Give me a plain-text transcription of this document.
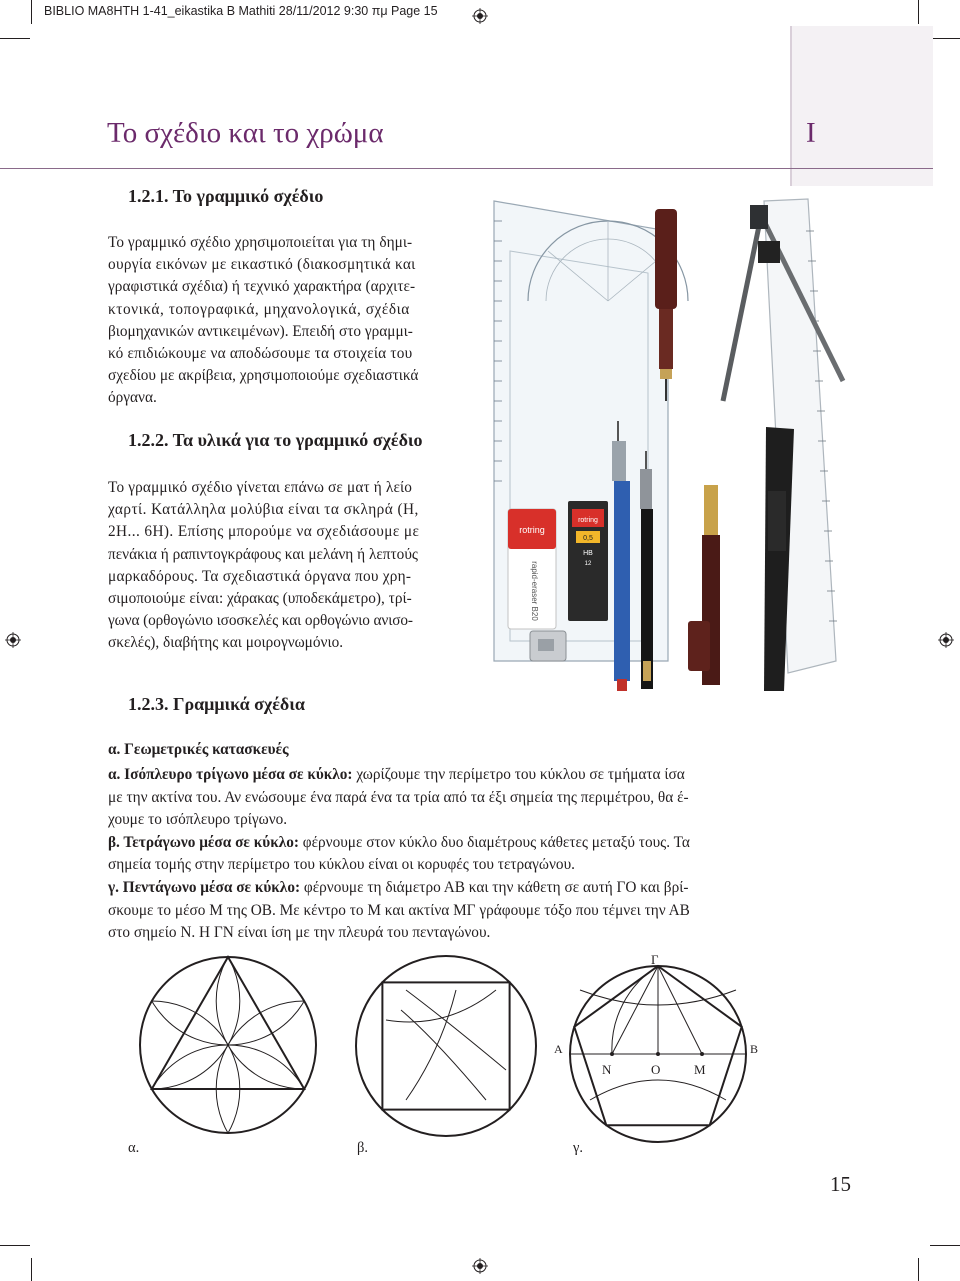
BIBLIO MA8HTH 1-41_eikastika B Mathiti 28/11/2012 9:30 πμ Page 15
Το σχέδιο και το χρώμα	Ι
1.2.1. Το γραμμικό σχέδιο
Το γραμμικό σχέδιο χρησιμοποιείται για τη δημι-
ουργία εικόνων με εικαστικό (διακοσμητικά και
γραφιστικά σχέδια) ή τεχνικό χαρακτήρα (αρχιτε-
κτονικά, τοπογραφικά, μηχανολογικά, σχέδια
βιομηχανικών αντικειμένων). Επειδή στο γραμμι-
κό επιδιώκουμε να αποδώσουμε τα στοιχεία του
σχεδίου με ακρίβεια, χρησιμοποιούμε σχεδιαστικά
όργανα.
1.2.2. Τα υλικά για το γραμμικό σχέδιο
Το γραμμικό σχέδιο γίνεται επάνω σε ματ ή λείο
χαρτί. Κατάλληλα μολύβια είναι τα σκληρά (Η,
2Η... 6Η). Επίσης μπορούμε να σχεδιάσουμε με
πενάκια ή ραπιντογκράφους και μελάνη ή λεπτούς
μαρκαδόρους. Τα σχεδιαστικά όργανα που χρη-
σιμοποιούμε είναι: χάρακας (υποδεκάμετρο), τρί-
γωνα (ορθογώνιο ισοσκελές και ορθογώνιο ανισο-
σκελές), διαβήτης και μοιρογνωμόνιο.
rotring
rapid-eraser B20
rotring
0,5
HB
12
1.2.3. Γραμμικά σχέδια
α. Γεωμετρικές κατασκευές
α. Ισόπλευρο τρίγωνο μέσα σε κύκλο: χωρίζουμε την περίμετρο του κύκλου σε τμήματα ίσα
με την ακτίνα του. Αν ενώσουμε ένα παρά ένα τα τρία από τα έξι σημεία της περιμέτρου, θα έ-
χουμε το ισόπλευρο τρίγωνο.
β. Τετράγωνο μέσα σε κύκλο: φέρνουμε στον κύκλο δυο διαμέτρους κάθετες μεταξύ τους. Τα
σημεία τομής στην περίμετρο του κύκλου είναι οι κορυφές του τετραγώνου.
γ. Πεντάγωνο μέσα σε κύκλο: φέρνουμε τη διάμετρο ΑΒ και την κάθετη σε αυτή ΓΟ και βρί-
σκουμε το μέσο Μ της ΟΒ. Με κέντρο το Μ και ακτίνα ΜΓ γράφουμε τόξο που τέμνει την ΑΒ
στο σημείο Ν. Η ΓΝ είναι ίση με την πλευρά του πενταγώνου.
Γ
Α	Β
Ν	Ο	Μ
α.	β.	γ.
15
